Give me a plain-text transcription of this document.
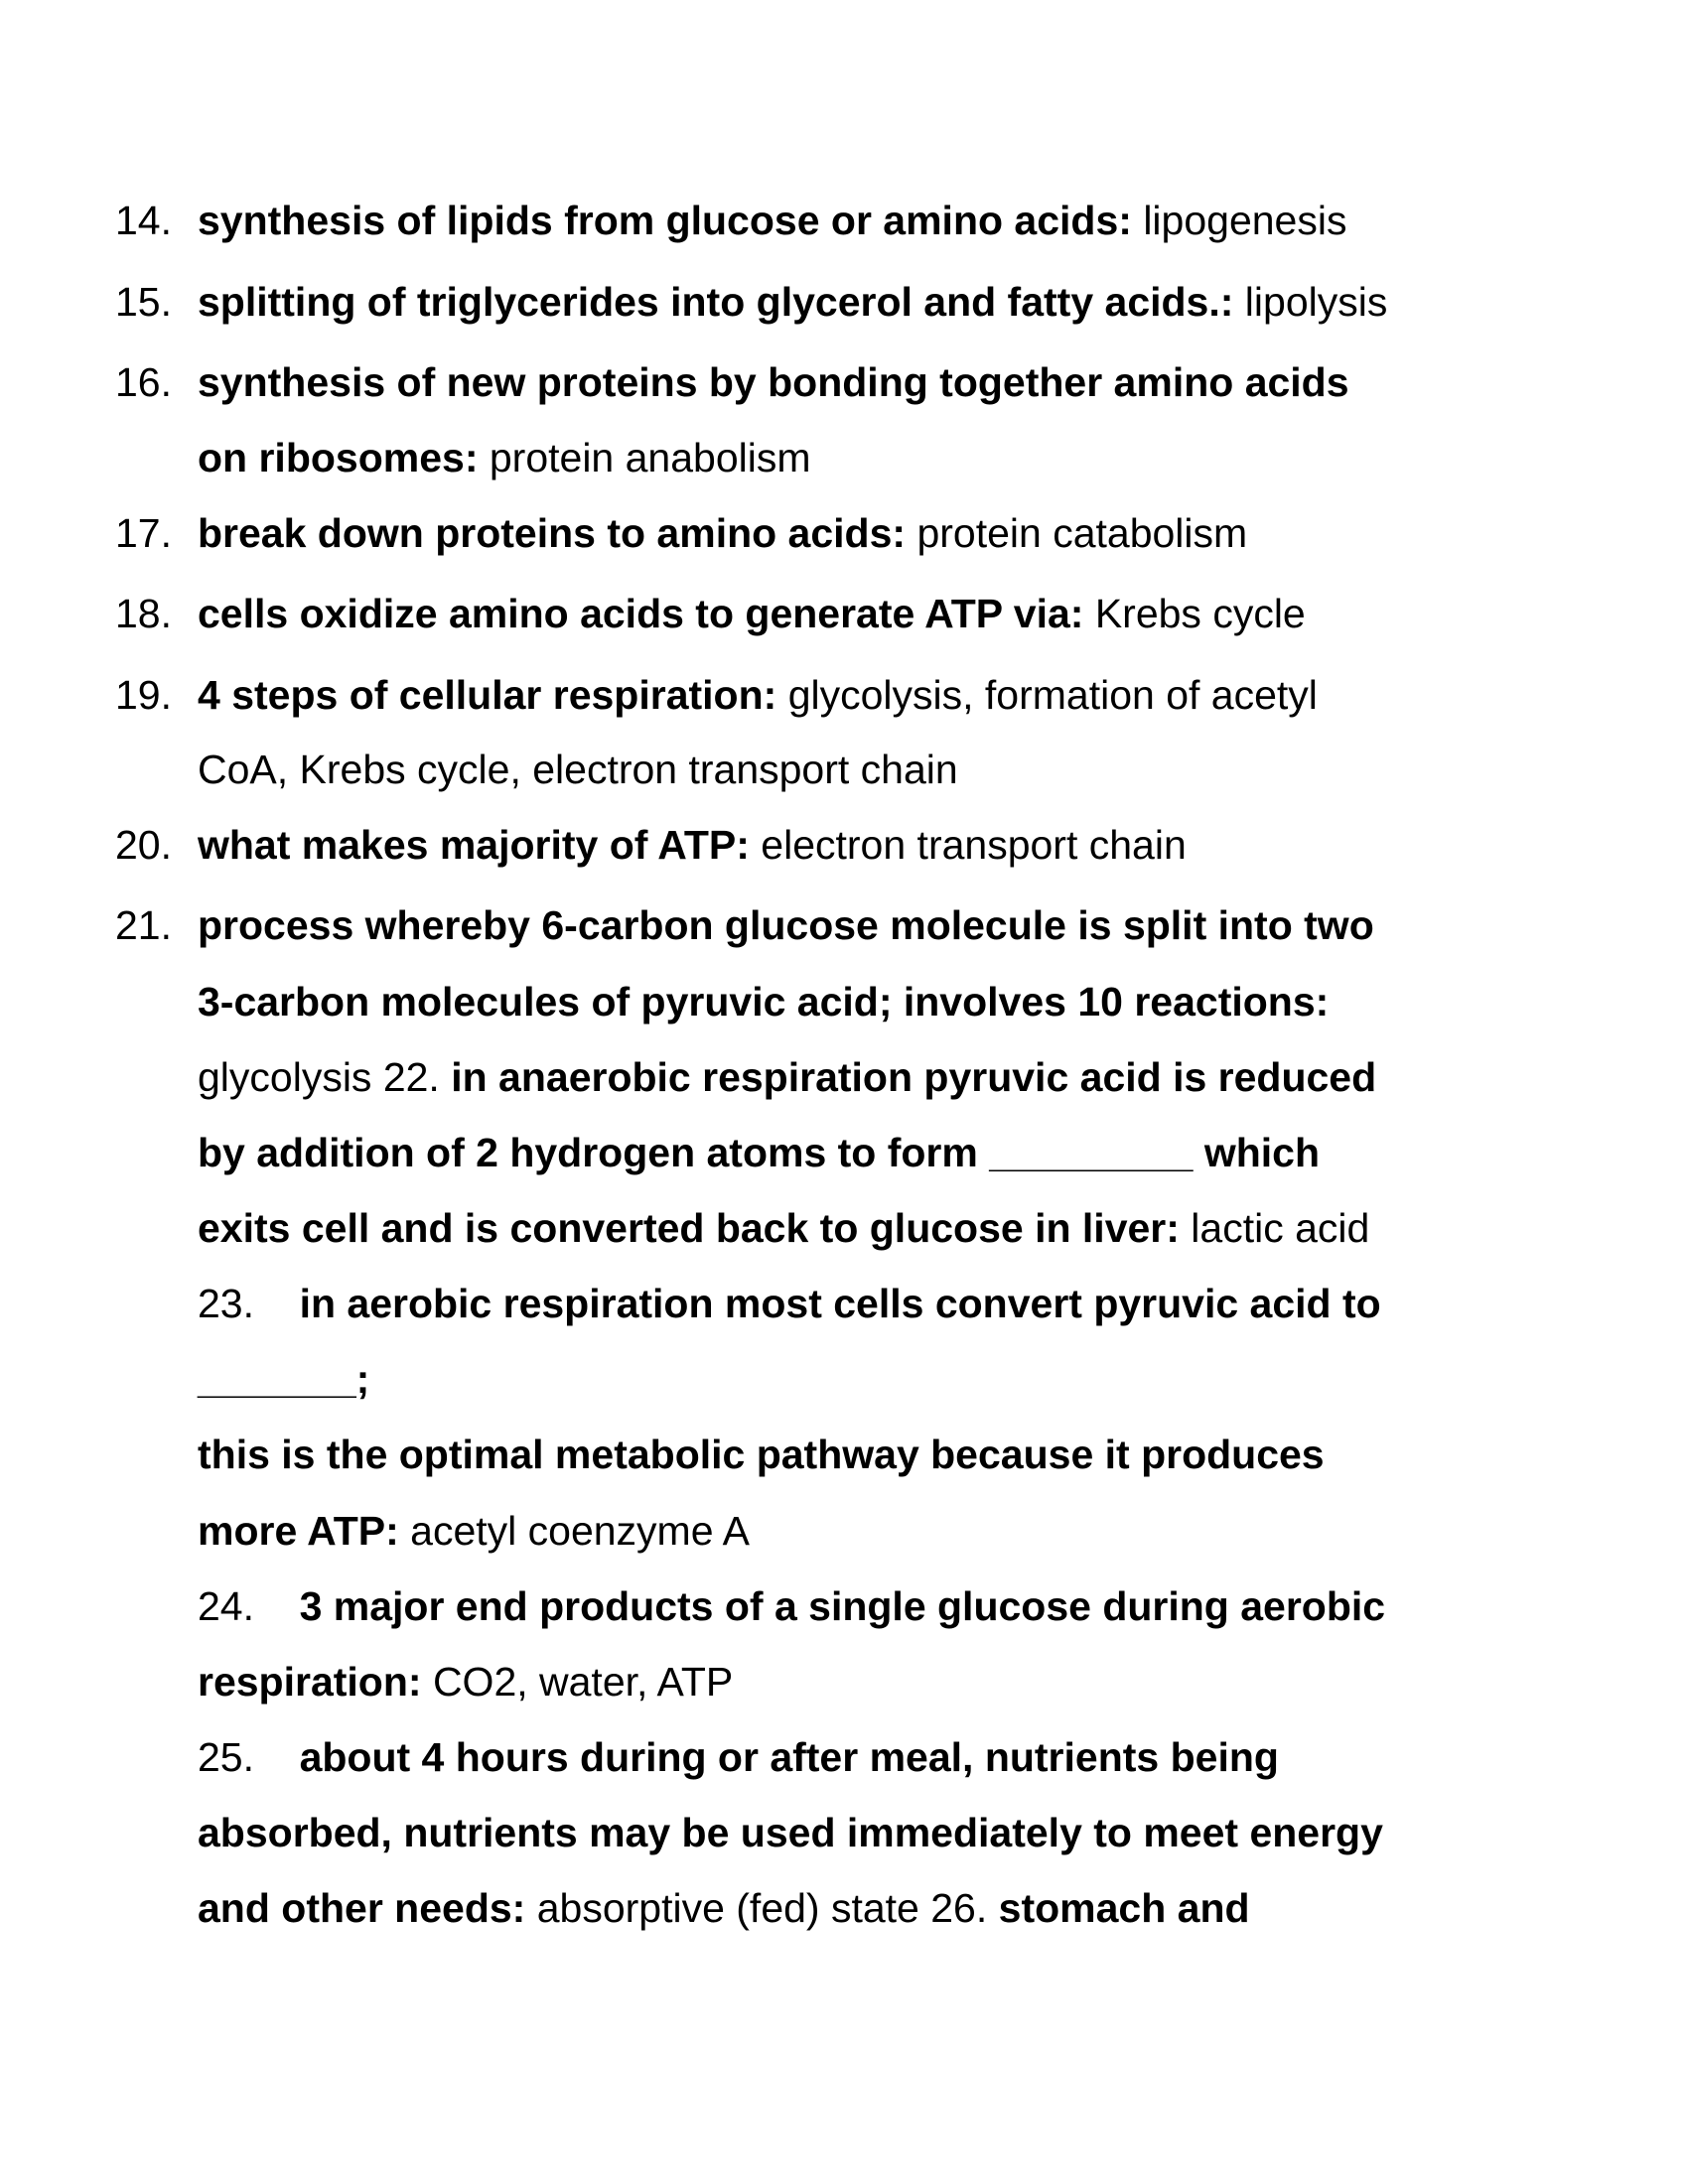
14. synthesis of lipids from glucose or amino acids: lipogenesis
15. splitting of triglycerides into glycerol and fatty acids.: lipolysis
16. synthesis of new proteins by bonding together amino acids
on ribosomes: protein anabolism
17. break down proteins to amino acids: protein catabolism
18. cells oxidize amino acids to generate ATP via: Krebs cycle
19. 4 steps of cellular respiration: glycolysis, formation of acetyl
CoA, Krebs cycle, electron transport chain
20. what makes majority of ATP: electron transport chain
21. process whereby 6-carbon glucose molecule is split into two
3-carbon molecules of pyruvic acid; involves 10 reactions:
glycolysis 22. in anaerobic respiration pyruvic acid is reduced
by addition of 2 hydrogen atoms to form _________ which
exits cell and is converted back to glucose in liver: lactic acid
23.    in aerobic respiration most cells convert pyruvic acid to
_______;
this is the optimal metabolic pathway because it produces
more ATP: acetyl coenzyme A
24.    3 major end products of a single glucose during aerobic
respiration: CO2, water, ATP
25.    about 4 hours during or after meal, nutrients being
absorbed, nutrients may be used immediately to meet energy
and other needs: absorptive (fed) state 26. stomach and
